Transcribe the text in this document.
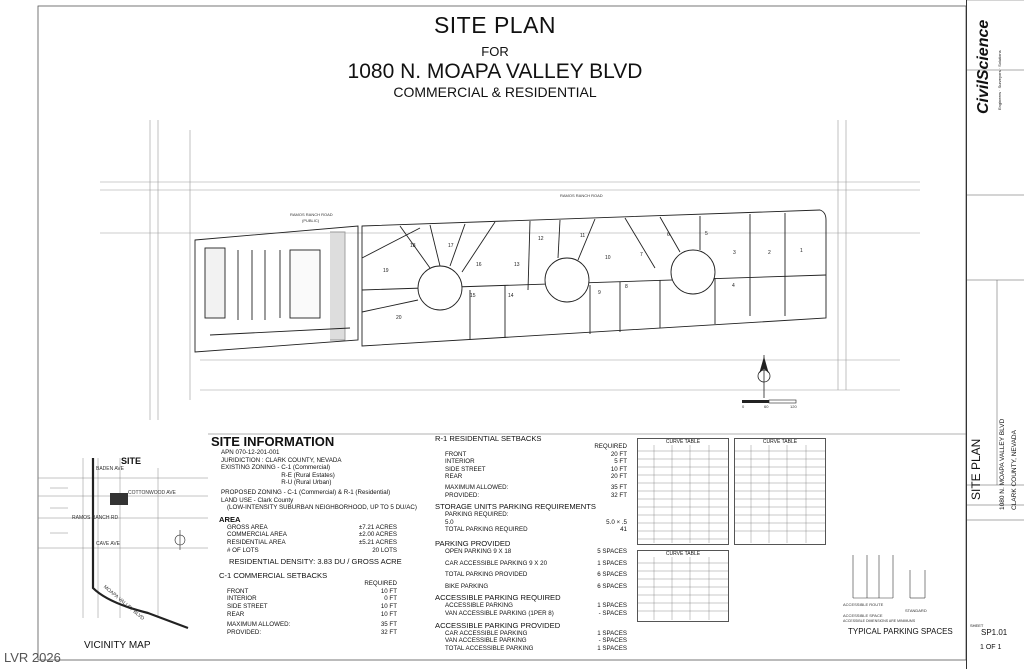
SITE PLAN
FOR
1080 N. MOAPA VALLEY BLVD
COMMERCIAL & RESIDENTIAL
RAMOS RANCH ROAD
(PUBLIC)
RAMOS RANCH ROAD
0	60	120
1
2
3
4
5
6
7
8
9
10
11
12
13
14
15
16
17
18
19
20
SITE
BADEN AVE
COTTONWOOD AVE
RAMOS RANCH RD
CAVE AVE
MOAPA VALLEY BLVD
VICINITY MAP
SITE INFORMATION
APN 070-12-201-001
JURIDICTION : CLARK COUNTY, NEVADA
EXISTING ZONING -
C-1 (Commercial)
R-E (Rural Estates)
R-U (Rural Urban)
PROPOSED ZONING - C-1 (Commercial) & R-1 (Residential)
LAND USE - Clark County
(LOW-INTENSITY SUBURBAN NEIGHBORHOOD, UP TO 5 DU/AC)
AREA
GROSS AREA	±7.21 ACRES
COMMERCIAL AREA	±2.00 ACRES
RESIDENTIAL AREA	±5.21 ACRES
# OF LOTS	20 LOTS
RESIDENTIAL DENSITY: 3.83 DU / GROSS ACRE
C-1 COMMERCIAL SETBACKS
REQUIRED
FRONT	10 FT
INTERIOR	0 FT
SIDE STREET	10 FT
REAR	10 FT
MAXIMUM ALLOWED:	35 FT
PROVIDED:	32 FT
R-1 RESIDENTIAL SETBACKS
REQUIRED
FRONT	20 FT
INTERIOR	5 FT
SIDE STREET	10 FT
REAR	20 FT
MAXIMUM ALLOWED:	35 FT
PROVIDED:	32 FT
STORAGE UNITS PARKING REQUIREMENTS
PARKING REQUIRED:
5.0	5.0 × .5
TOTAL PARKING REQUIRED	41
PARKING PROVIDED
OPEN PARKING 9 X 18	5 SPACES
CAR ACCESSIBLE PARKING 9 X 20	1 SPACES
TOTAL PARKING PROVIDED	6 SPACES
BIKE PARKING	6 SPACES
ACCESSIBLE PARKING REQUIRED
ACCESSIBLE PARKING	1 SPACES
VAN ACCESSIBLE PARKING (1PER 8)	- SPACES
ACCESSIBLE PARKING PROVIDED
CAR ACCESSIBLE PARKING	1 SPACES
VAN ACCESSIBLE PARKING	- SPACES
TOTAL ACCESSIBLE PARKING	1 SPACES
CURVE TABLE	CURVE TABLE
CURVE TABLE
ACCESSIBLE ROUTE
STANDARD
ACCESSIBLE SPACE
ACCESSIBLE DIMENSIONS ARE MINIMUMS
TYPICAL PARKING SPACES
CivilScience Engineers · Surveyors · Solutions
SITE PLAN 1080 N. MOAPA VALLEY BLVD CLARK COUNTY, NEVADA
SHEET
SP1.01
1 OF 1
LVR 2026
